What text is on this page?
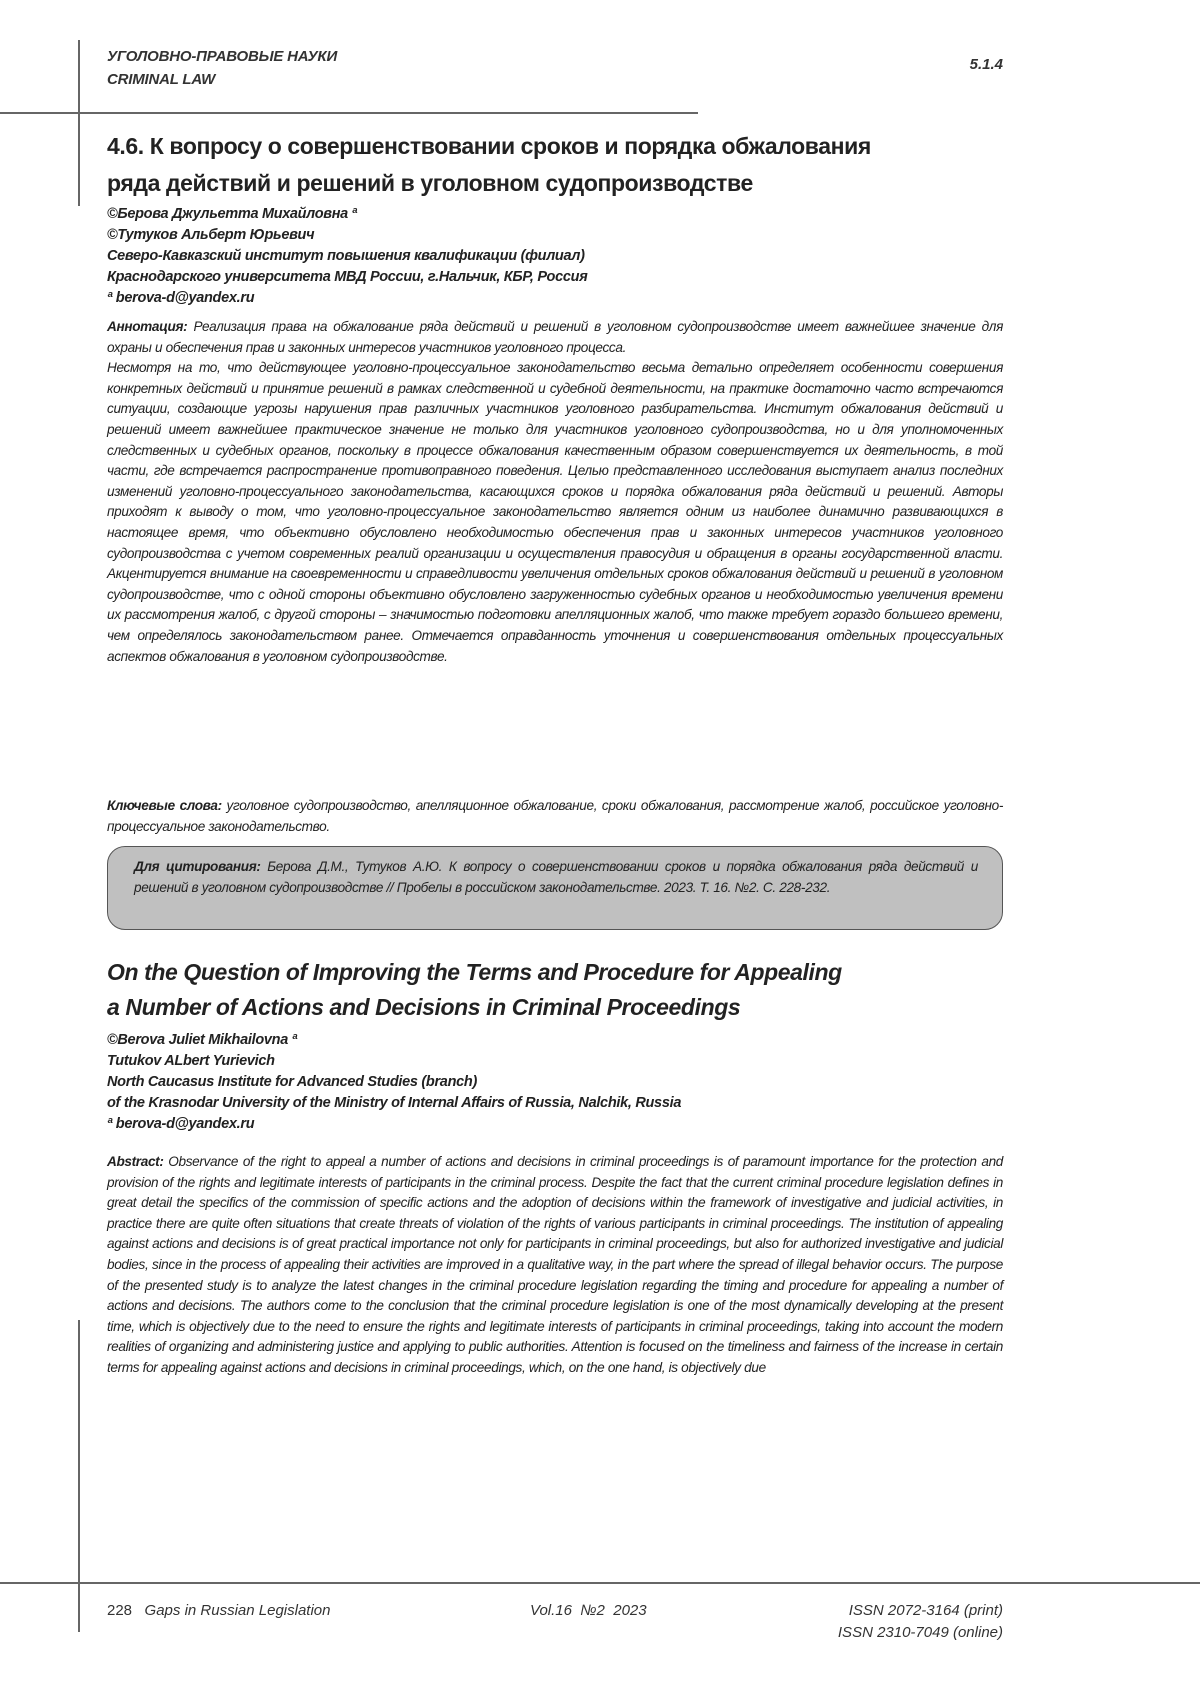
УГОЛОВНО-ПРАВОВЫЕ НАУКИ
CRIMINAL LAW
5.1.4
4.6. К вопросу о совершенствовании сроков и порядка обжалования
ряда действий и решений в уголовном судопроизводстве
©Берова Джульетта Михайловна ª
©Тутуков Альберт Юрьевич
Северо-Кавказский институт повышения квалификации (филиал)
Краснодарского университета МВД России, г.Нальчик, КБР, Россия
ª berova-d@yandex.ru

Аннотация: Реализация права на обжалование ряда действий и решений в уголовном судопроизводстве имеет важнейшее значение для охраны и обеспечения прав и законных интересов участников уголовного процесса.

Несмотря на то, что действующее уголовно-процессуальное законодательство весьма детально определяет особенности совершения конкретных действий и принятие решений в рамках следственной и судебной деятельности, на практике достаточно часто встречаются ситуации, создающие угрозы нарушения прав различных участников уголовного разбирательства. Институт обжалования действий и решений имеет важнейшее практическое значение не только для участников уголовного судопроизводства, но и для уполномоченных следственных и судебных органов, поскольку в процессе обжалования качественным образом совершенствуется их деятельность, в той части, где встречается распространение противоправного поведения. Целью представленного исследования выступает анализ последних изменений уголовно-процессуального законодательства, касающихся сроков и порядка обжалования ряда действий и решений. Авторы приходят к выводу о том, что уголовно-процессуальное законодательство является одним из наиболее динамично развивающихся в настоящее время, что объективно обусловлено необходимостью обеспечения прав и законных интересов участников уголовного судопроизводства с учетом современных реалий организации и осуществления правосудия и обращения в органы государственной власти. Акцентируется внимание на своевременности и справедливости увеличения отдельных сроков обжалования действий и решений в уголовном судопроизводстве, что с одной стороны объективно обусловлено загруженностью судебных органов и необходимостью увеличения времени их рассмотрения жалоб, с другой стороны – значимостью подготовки апелляционных жалоб, что также требует гораздо большего времени, чем определялось законодательством ранее. Отмечается оправданность уточнения и совершенствования отдельных процессуальных аспектов обжалования в уголовном судопроизводстве.

Ключевые слова: уголовное судопроизводство, апелляционное обжалование, сроки обжалования, рассмотрение жалоб, российское уголовно-процессуальное законодательство.

Для цитирования: Берова Д.М., Тутуков А.Ю. К вопросу о совершенствовании сроков и порядка обжалования ряда действий и решений в уголовном судопроизводстве // Пробелы в российском законодательстве. 2023. Т. 16. №2. С. 228-232.

On the Question of Improving the Terms and Procedure for Appealing
a Number of Actions and Decisions in Criminal Proceedings
©Berova Juliet Mikhailovna ª
Tutukov ALbert Yurievich
North Caucasus Institute for Advanced Studies (branch)
of the Krasnodar University of the Ministry of Internal Affairs of Russia, Nalchik, Russia
ª berova-d@yandex.ru

Abstract: Observance of the right to appeal a number of actions and decisions in criminal proceedings is of paramount importance for the protection and provision of the rights and legitimate interests of participants in the criminal process. Despite the fact that the current criminal procedure legislation defines in great detail the specifics of the commission of specific actions and the adoption of decisions within the framework of investigative and judicial activities, in practice there are quite often situations that create threats of violation of the rights of various participants in criminal proceedings. The institution of appealing against actions and decisions is of great practical importance not only for participants in criminal proceedings, but also for authorized investigative and judicial bodies, since in the process of appealing their activities are improved in a qualitative way, in the part where the spread of illegal behavior occurs. The purpose of the presented study is to analyze the latest changes in the criminal procedure legislation regarding the timing and procedure for appealing a number of actions and decisions. The authors come to the conclusion that the criminal procedure legislation is one of the most dynamically developing at the present time, which is objectively due to the need to ensure the rights and legitimate interests of participants in criminal proceedings, taking into account the modern realities of organizing and administering justice and applying to public authorities. Attention is focused on the timeliness and fairness of the increase in certain terms for appealing against actions and decisions in criminal proceedings, which, on the one hand, is objectively due

228 Gaps in Russian Legislation	Vol.16  №2  2023	ISSN 2072-3164 (print)
ISSN 2310-7049 (online)
